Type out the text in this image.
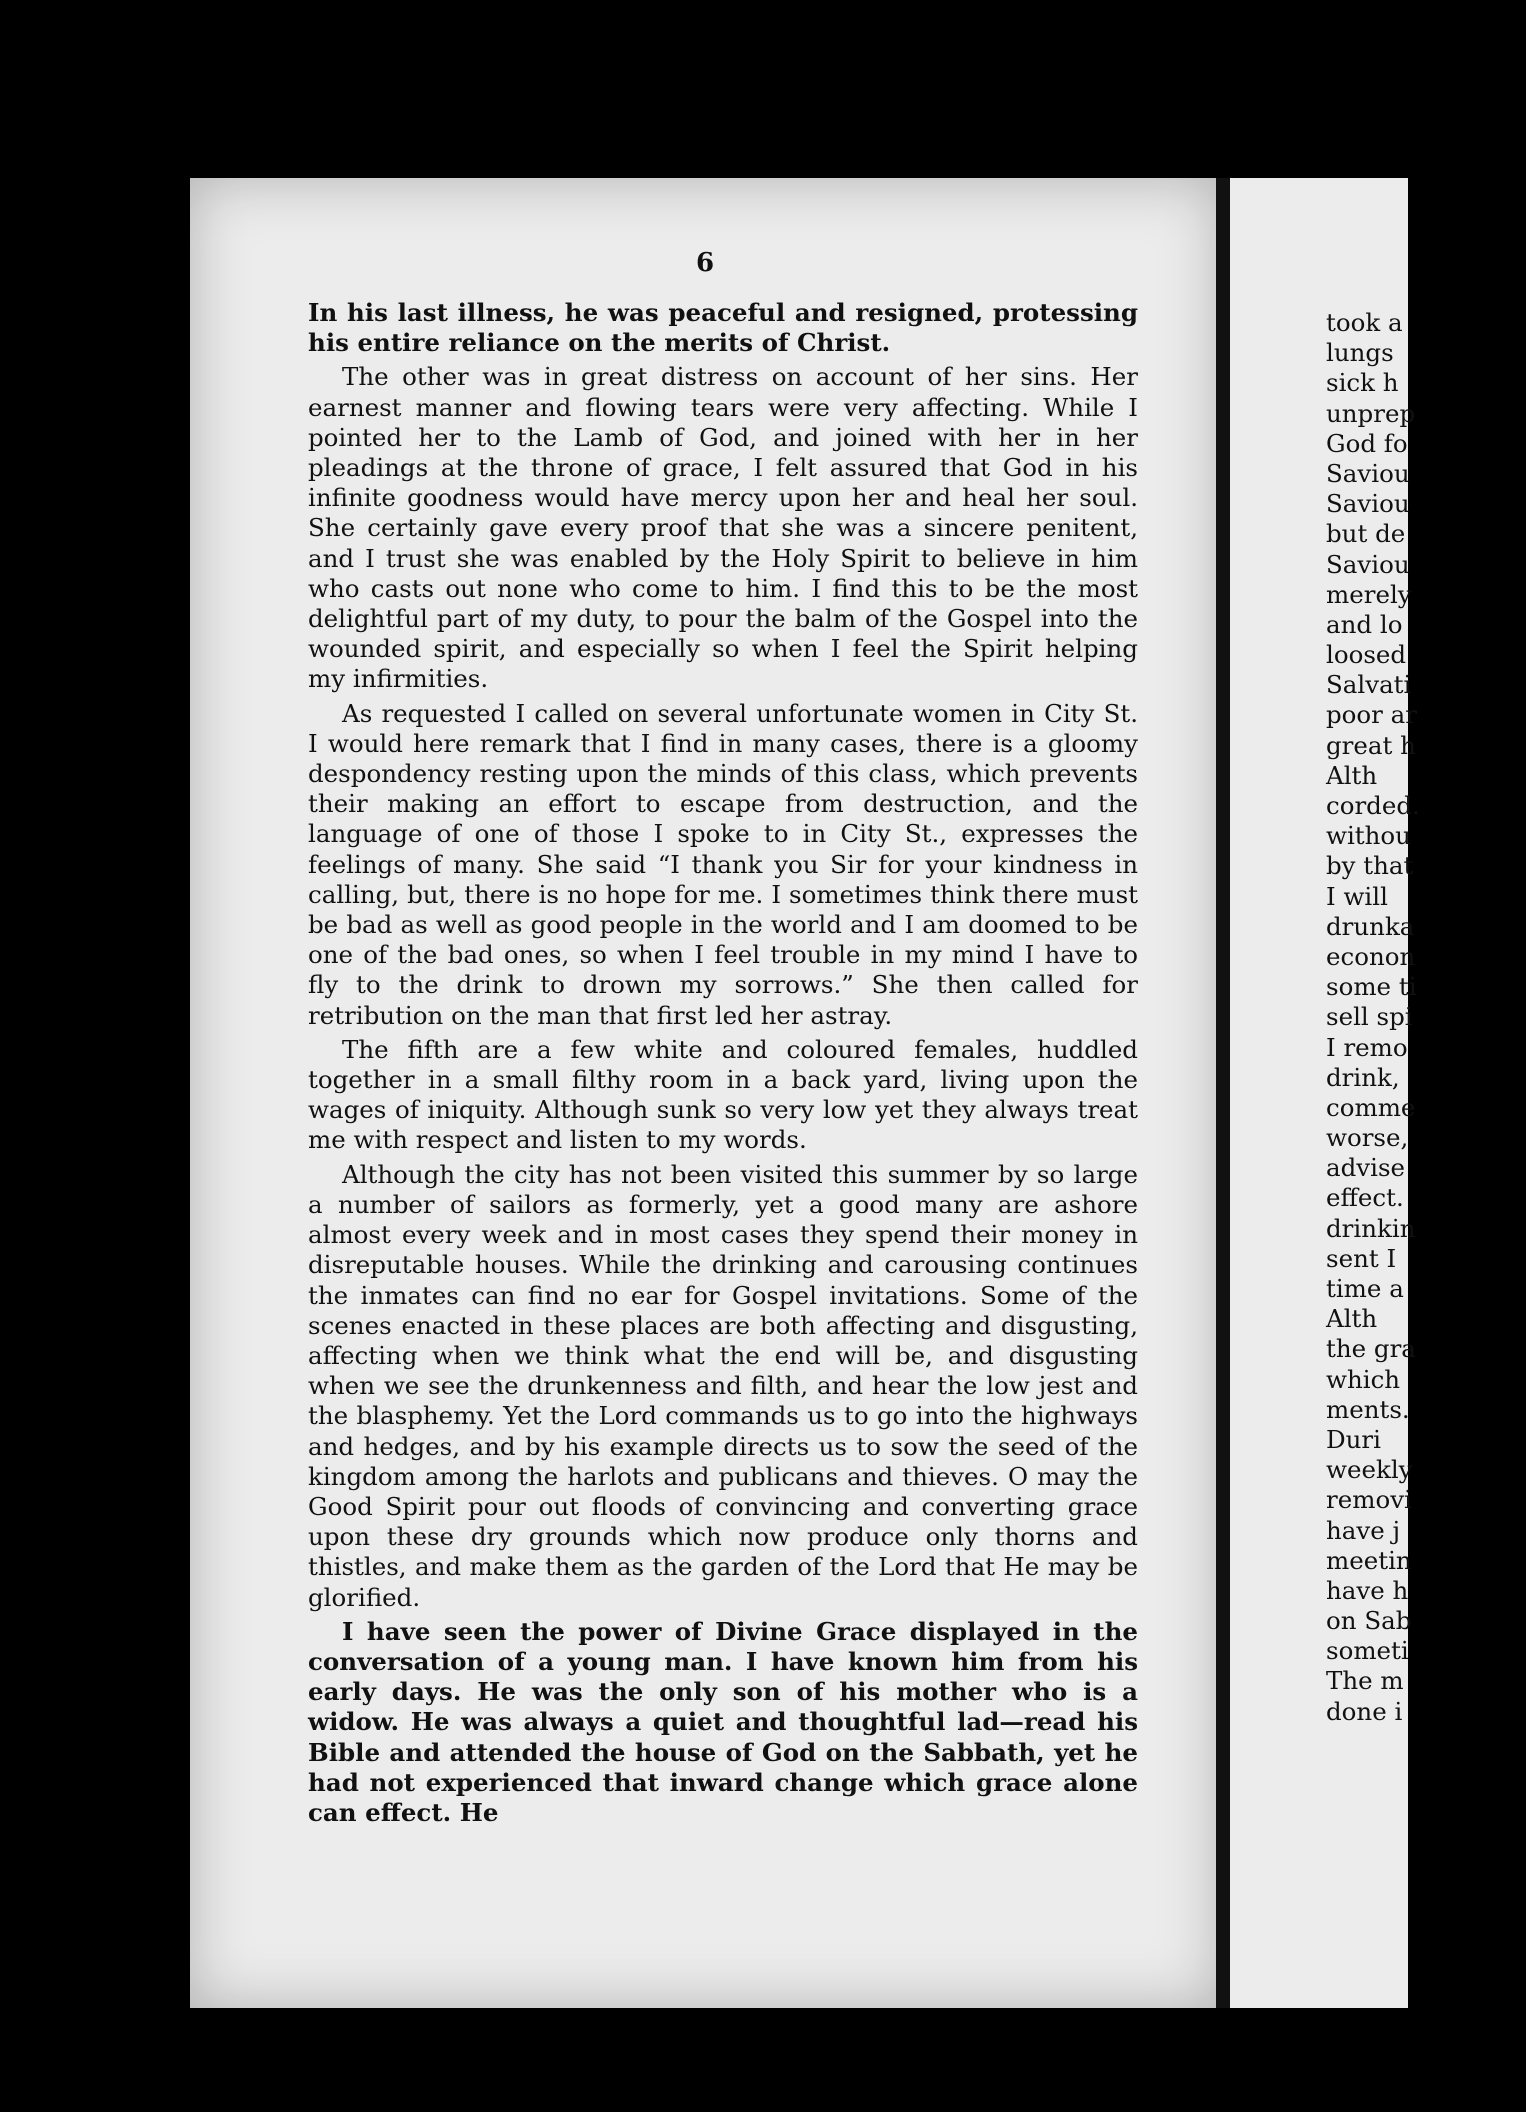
6

In his last illness, he was peaceful and resigned, protessing his entire reliance on the merits of Christ.

The other was in great distress on account of her sins. Her earnest manner and flowing tears were very affecting. While I pointed her to the Lamb of God, and joined with her in her pleadings at the throne of grace, I felt assured that God in his infinite goodness would have mercy upon her and heal her soul. She certainly gave every proof that she was a sincere penitent, and I trust she was enabled by the Holy Spirit to believe in him who casts out none who come to him. I find this to be the most delightful part of my duty, to pour the balm of the Gospel into the wounded spirit, and especially so when I feel the Spirit helping my infirmities.

As requested I called on several unfortunate women in City St. I would here remark that I find in many cases, there is a gloomy despondency resting upon the minds of this class, which prevents their making an effort to escape from destruction, and the language of one of those I spoke to in City St., expresses the feelings of many. She said “I thank you Sir for your kindness in calling, but, there is no hope for me. I sometimes think there must be bad as well as good people in the world and I am doomed to be one of the bad ones, so when I feel trouble in my mind I have to fly to the drink to drown my sorrows.” She then called for retribution on the man that first led her astray.

The fifth are a few white and coloured females, huddled together in a small filthy room in a back yard, living upon the wages of iniquity. Although sunk so very low yet they always treat me with respect and listen to my words.

Although the city has not been visited this summer by so large a number of sailors as formerly, yet a good many are ashore almost every week and in most cases they spend their money in disreputable houses. While the drinking and carousing continues the inmates can find no ear for Gospel invitations. Some of the scenes enacted in these places are both affecting and disgusting, affecting when we think what the end will be, and disgusting when we see the drunkenness and filth, and hear the low jest and the blasphemy. Yet the Lord commands us to go into the highways and hedges, and by his example directs us to sow the seed of the kingdom among the harlots and publicans and thieves. O may the Good Spirit pour out floods of convincing and converting grace upon these dry grounds which now produce only thorns and thistles, and make them as the garden of the Lord that He may be glorified.

I have seen the power of Divine Grace displayed in the conversation of a young man. I have known him from his early days. He was the only son of his mother who is a widow. He was always a quiet and thoughtful lad—read his Bible and attended the house of God on the Sabbath, yet he had not experienced that inward change which grace alone can effect. He

took a
lungs
sick h
unprep
God fo
Saviou
Saviou
but de
Saviou
merely
and lo
loosed
Salvati
poor ar
great h
Alth
corded.
withou
by that
I will
drunka
econon
some ti
sell spi
I remo
drink,
comme
worse,
advise
effect.
drinkin
sent I
time a
Alth
the gra
which
ments.
Duri
weekly
removi
have j
meetin
have h
on Sab
someti
The m
done i
